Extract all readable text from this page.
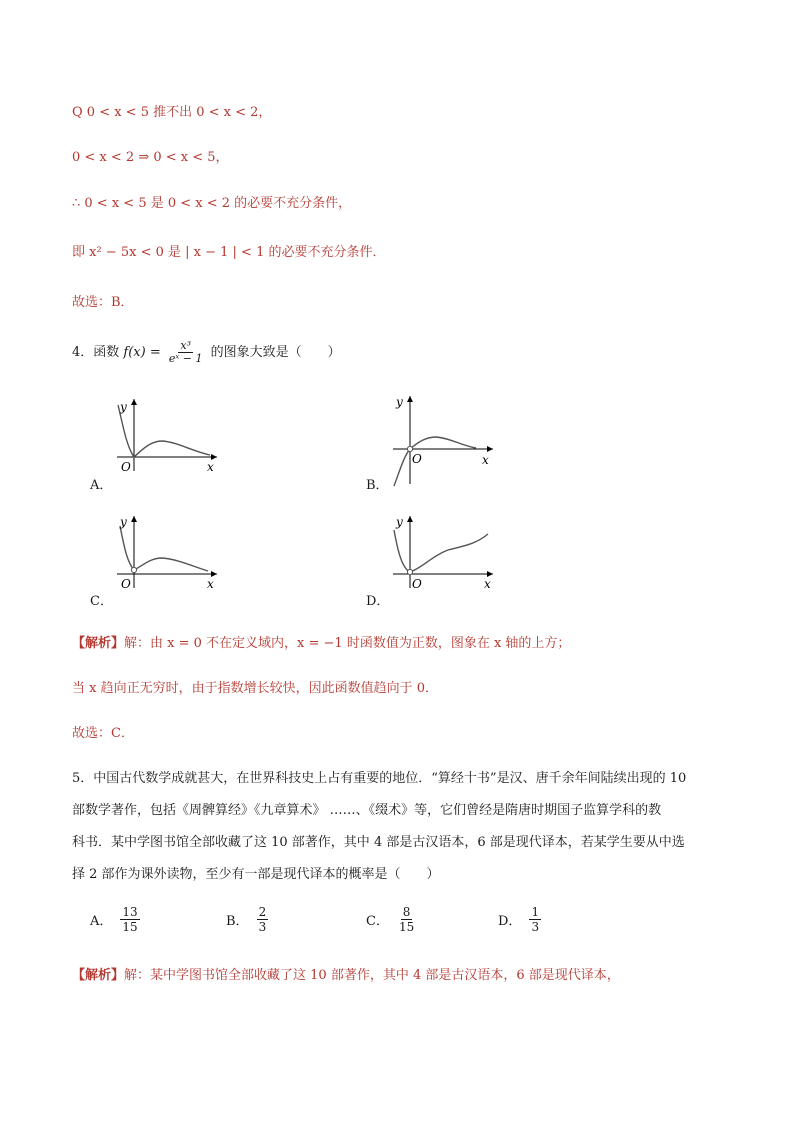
Q 0 < x < 5 推不出 0 < x < 2，
0 < x < 2 ⇒ 0 < x < 5，
∴ 0 < x < 5 是 0 < x < 2 的必要不充分条件，
即 x² − 5x < 0 是 | x − 1 | < 1 的必要不充分条件．
故选：B．
4．函数 $f(x) = \frac{\text{x³}}{\text{eˣ − 1}}$ 的图象大致是（　　）
y
O	x
A．
y
O	x
B．
y
O	x
C．
y
O	x
D．
【解析】解：由 x = 0 不在定义域内，x = −1 时函数值为正数，图象在 x 轴的上方；
当 x 趋向正无穷时，由于指数增长较快，因此函数值趋向于 0．
故选：C．
5．中国古代数学成就甚大，在世界科技史上占有重要的地位．“算经十书”是汉、唐千余年间陆续出现的 10
部数学著作，包括《周髀算经》《九章算术》 ……、《缀术》等，它们曾经是隋唐时期国子监算学科的教
科书．某中学图书馆全部收藏了这 10 部著作，其中 4 部是古汉语本，6 部是现代译本，若某学生要从中选
择 2 部作为课外读物，至少有一部是现代译本的概率是（　　）
A． $\frac{13}{15}$	B． $\frac{2}{3}$	C． $\frac{8}{15}$	D． $\frac{1}{3}$
【解析】解：某中学图书馆全部收藏了这 10 部著作，其中 4 部是古汉语本，6 部是现代译本，
